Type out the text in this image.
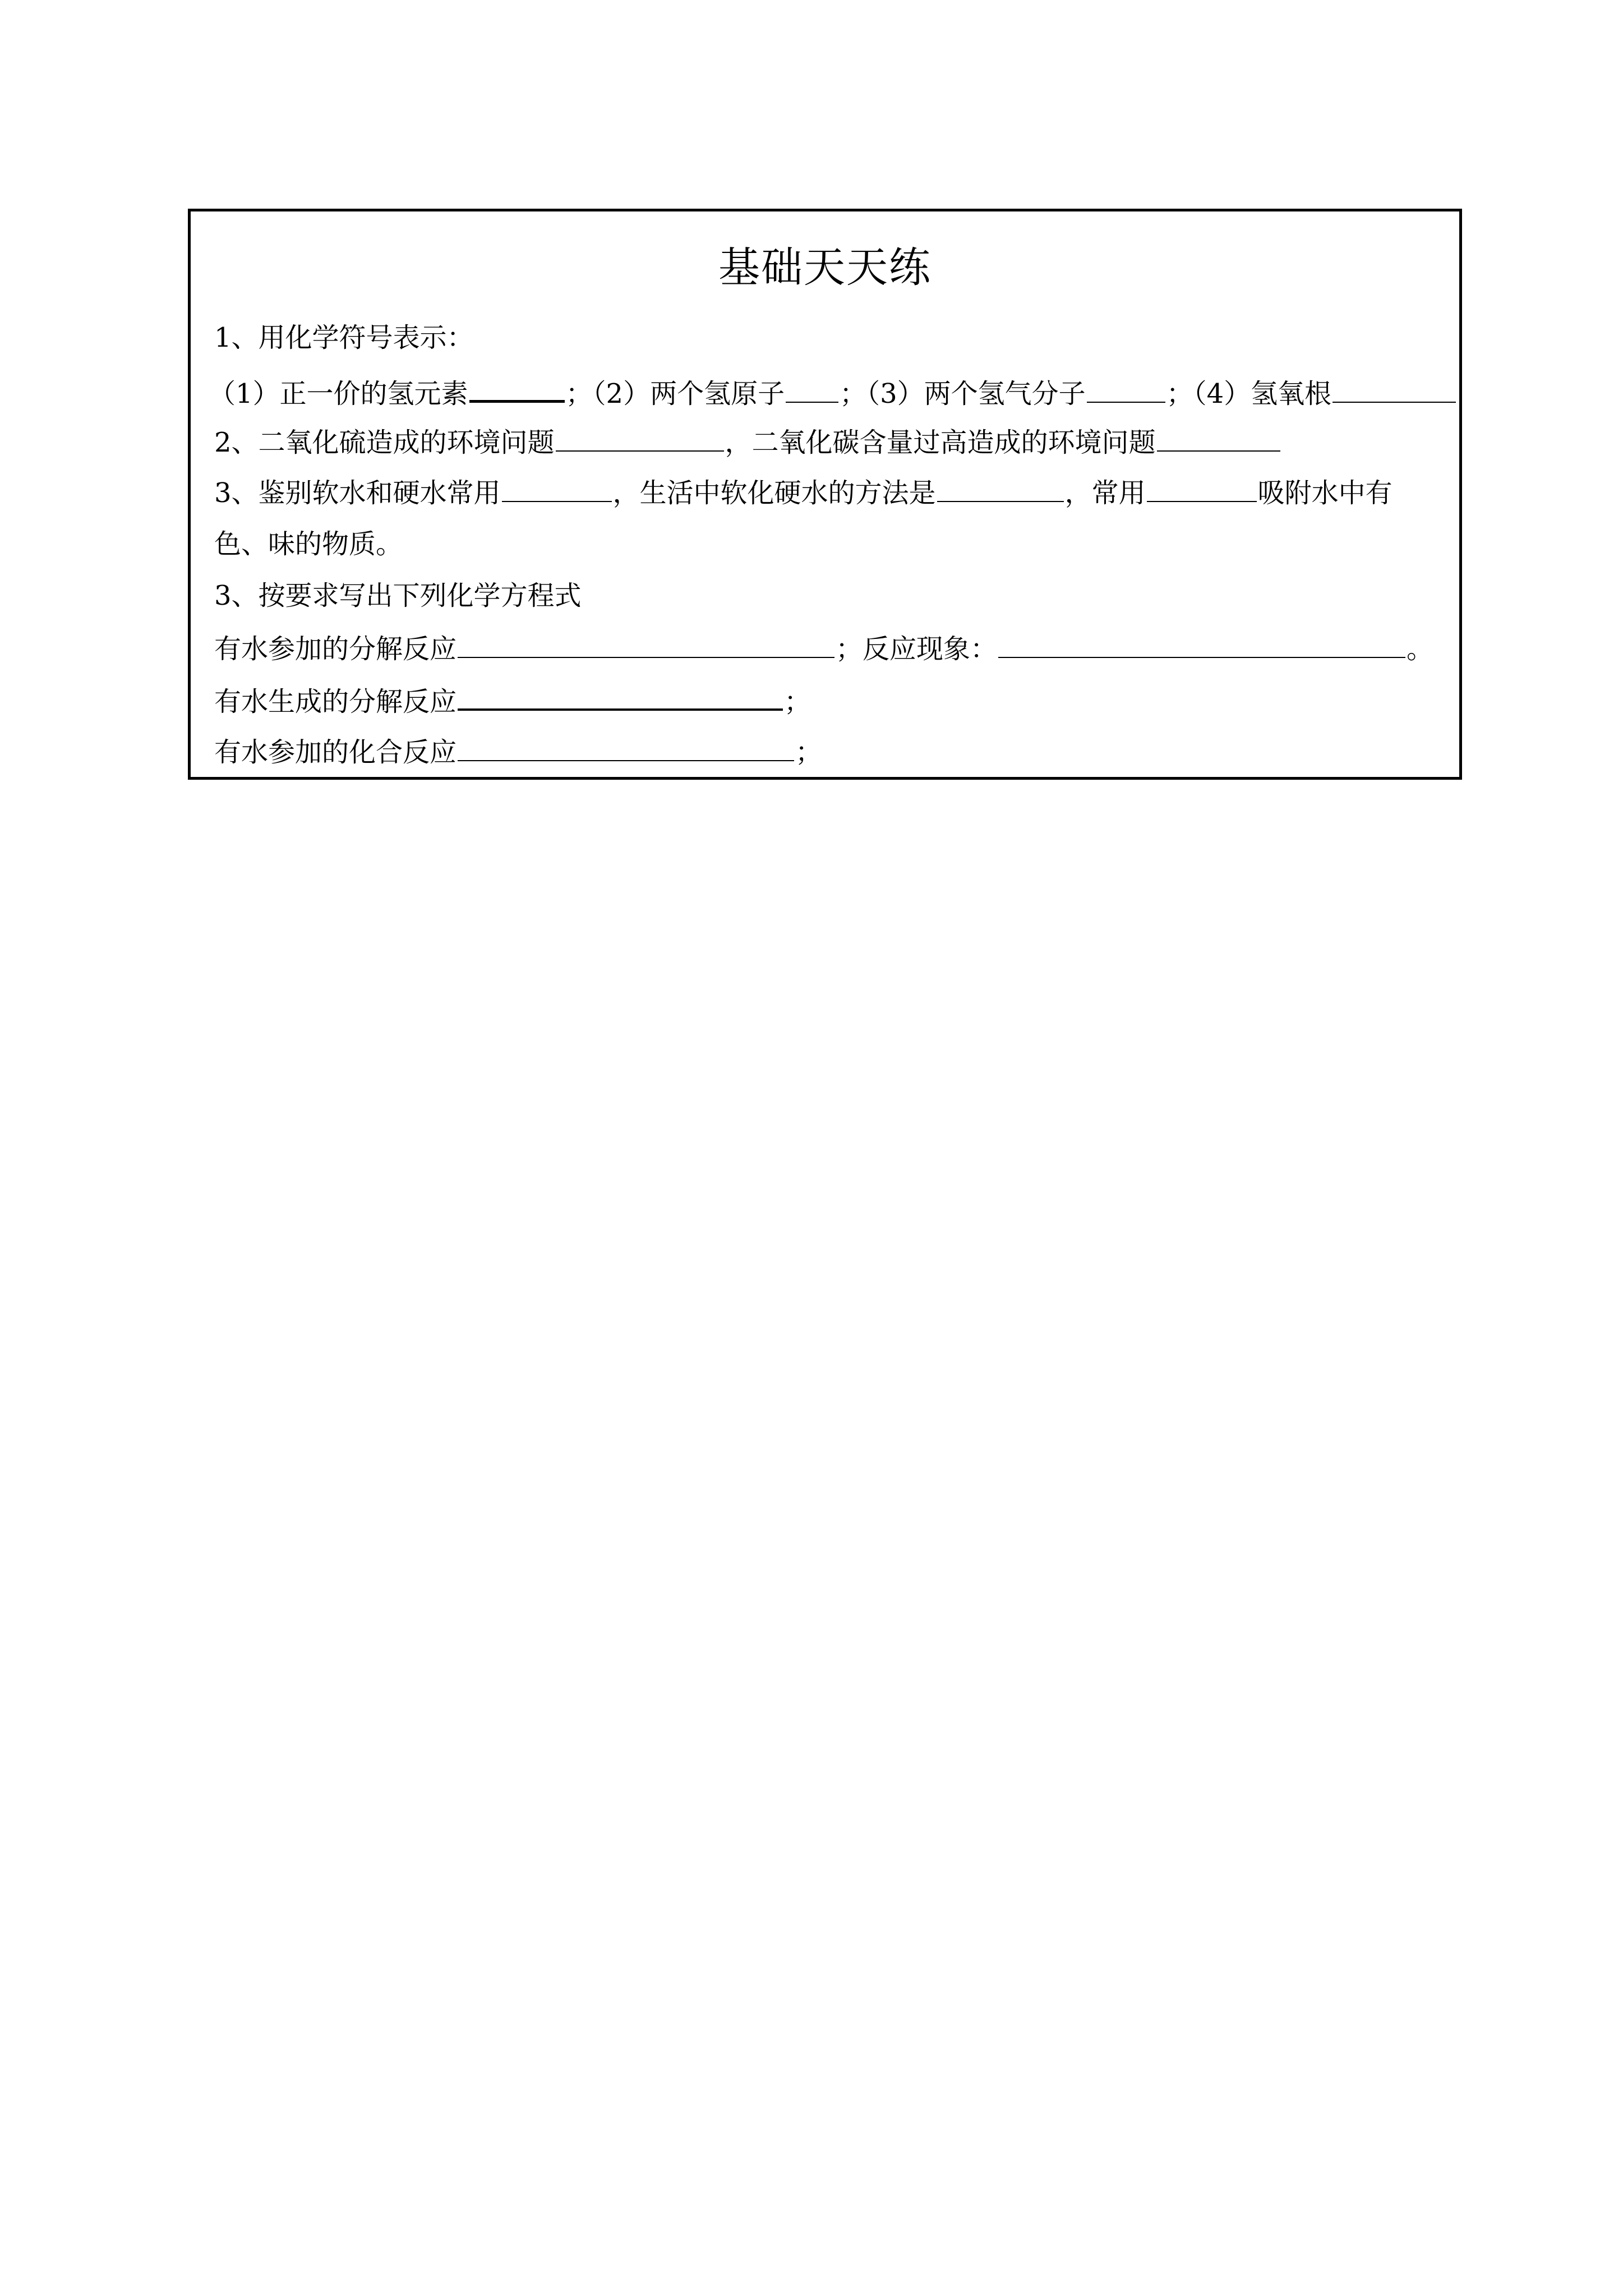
基础天天练
1、用化学符号表示：
（1）正一价的氢元素	；（2）两个氢原子 ；（3）两个氢气分子	；（4）氢氧根
2、二氧化硫造成的环境问题	，二氧化碳含量过高造成的环境问题
3、鉴别软水和硬水常用	，生活中软化硬水的方法是	，常用	吸附水中有
色、味的物质。
3、按要求写出下列化学方程式
有水参加的分解反应	；反应现象：	。
有水生成的分解反应	；
有水参加的化合反应	；
